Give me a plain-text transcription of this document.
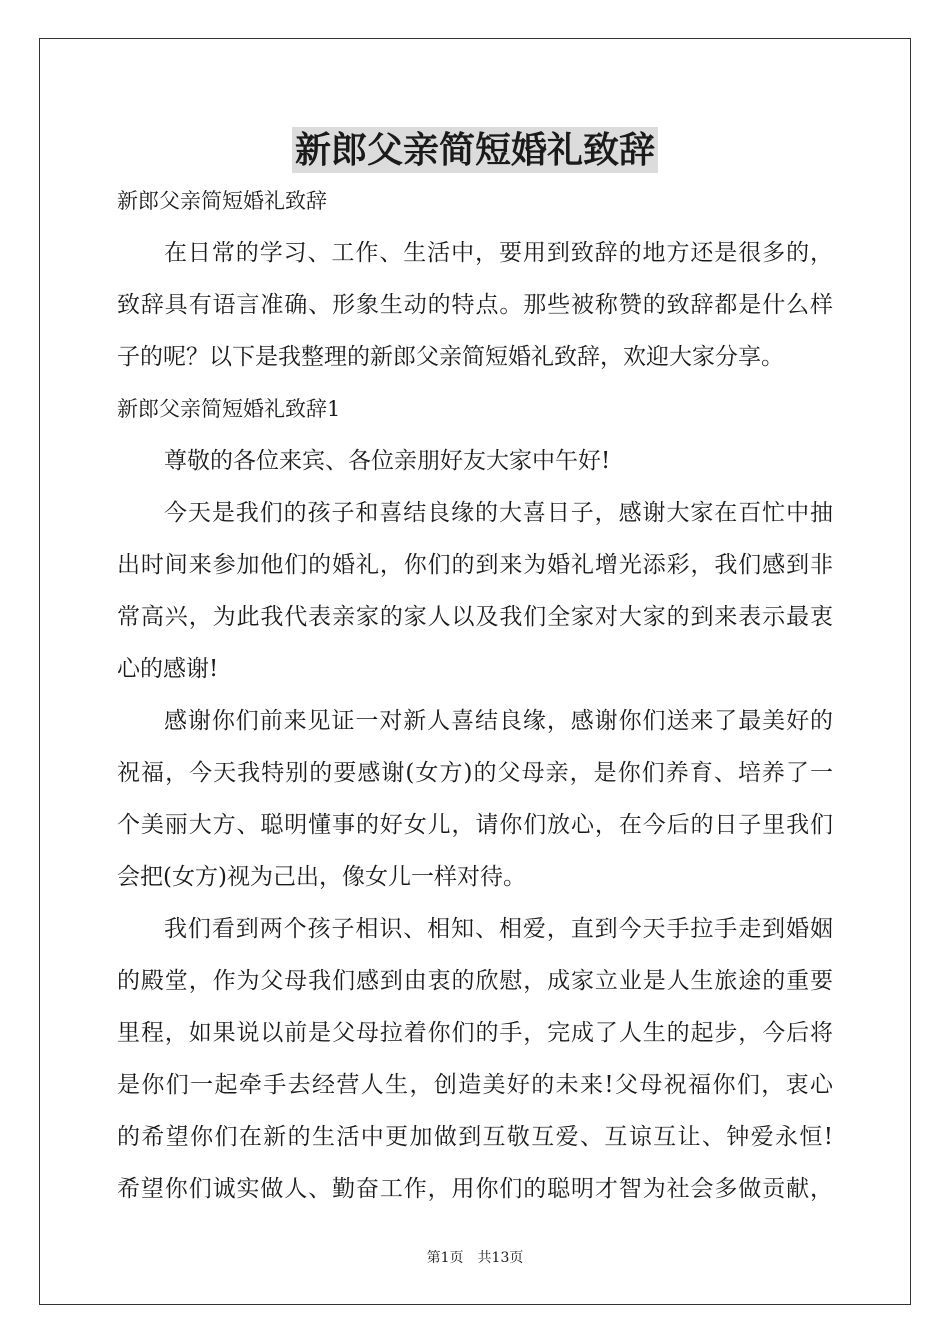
新郎父亲简短婚礼致辞
新郎父亲简短婚礼致辞
在日常的学习、工作、生活中，要用到致辞的地方还是很多的，
致辞具有语言准确、形象生动的特点。那些被称赞的致辞都是什么样
子的呢？以下是我整理的新郎父亲简短婚礼致辞，欢迎大家分享。
新郎父亲简短婚礼致辞1
尊敬的各位来宾、各位亲朋好友大家中午好!
今天是我们的孩子和喜结良缘的大喜日子，感谢大家在百忙中抽
出时间来参加他们的婚礼，你们的到来为婚礼增光添彩，我们感到非
常高兴，为此我代表亲家的家人以及我们全家对大家的到来表示最衷
心的感谢!
感谢你们前来见证一对新人喜结良缘，感谢你们送来了最美好的
祝福，今天我特别的要感谢(女方)的父母亲，是你们养育、培养了一
个美丽大方、聪明懂事的好女儿，请你们放心，在今后的日子里我们
会把(女方)视为己出，像女儿一样对待。
我们看到两个孩子相识、相知、相爱，直到今天手拉手走到婚姻
的殿堂，作为父母我们感到由衷的欣慰，成家立业是人生旅途的重要
里程，如果说以前是父母拉着你们的手，完成了人生的起步，今后将
是你们一起牵手去经营人生，创造美好的未来!父母祝福你们，衷心
的希望你们在新的生活中更加做到互敬互爱、互谅互让、钟爱永恒!
希望你们诚实做人、勤奋工作，用你们的聪明才智为社会多做贡献，
第1页　共13页
